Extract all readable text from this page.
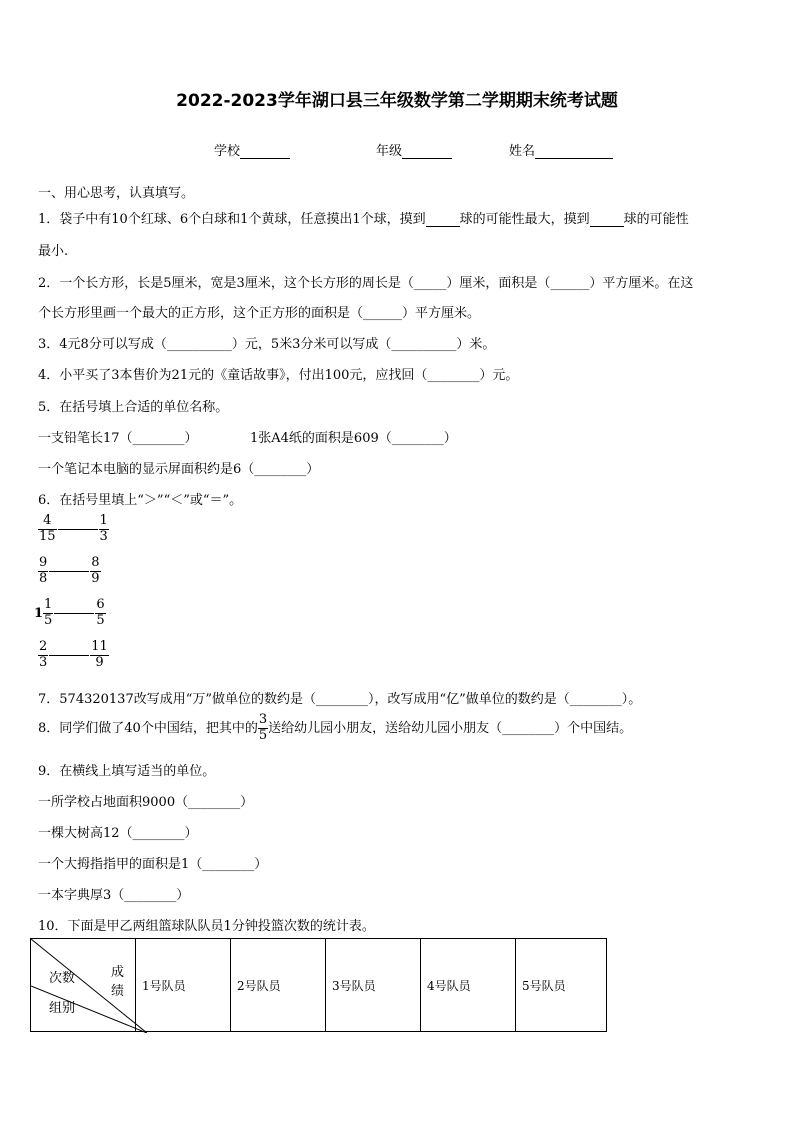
2022-2023学年湖口县三年级数学第二学期期末统考试题
学校	年级	姓名
一、用心思考，认真填写。
1．袋子中有10个红球、6个白球和1个黄球，任意摸出1个球，摸到	球的可能性最大，摸到	球的可能性
最小.
2．一个长方形，长是5厘米，宽是3厘米，这个长方形的周长是（_____）厘米，面积是（______）平方厘米。在这
个长方形里画一个最大的正方形，这个正方形的面积是（______）平方厘米。
3．4元8分可以写成（__________）元，5米3分米可以写成（__________）米。
4．小平买了3本售价为21元的《童话故事》，付出100元，应找回（________）元。
5．在括号填上合适的单位名称。
一支铅笔长17（________）	1张A4纸的面积是609（________）
一个笔记本电脑的显示屏面积约是6（________）
6．在括号里填上“＞”“＜”或“＝”。
$\frac{4}{15}$	$\frac{1}{3}$
$\frac{9}{8}$	$\frac{8}{9}$
$1 \frac{1}{5}$	$\frac{6}{5}$
$\frac{2}{3}$	$\frac{11}{9}$
7．574320137改写成用“万”做单位的数约是（________），改写成用“亿”做单位的数约是（________）。
8．同学们做了40个中国结，把其中的 $\frac{3}{5}$ 送给幼儿园小朋友，送给幼儿园小朋友（________）个中国结。
9．在横线上填写适当的单位。
一所学校占地面积9000（________）
一棵大树高12（________）
一个大拇指指甲的面积是1（________）
一本字典厚3（________）
10．下面是甲乙两组篮球队队员1分钟投篮次数的统计表。
成绩
次数
组别
	1号队员	2号队员	3号队员	4号队员	5号队员
